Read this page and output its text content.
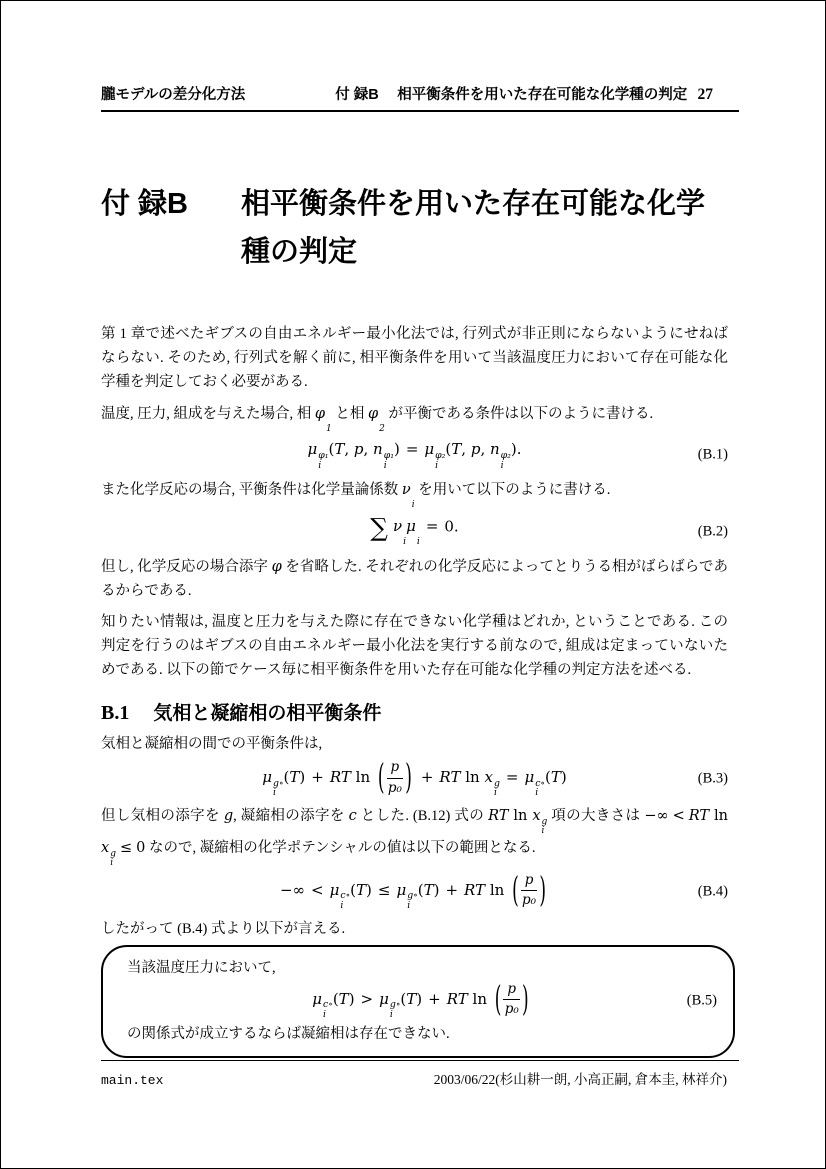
朧モデルの差分化方法	付 録B　 相平衡条件を用いた存在可能な化学種の判定 27
付 録B	相平衡条件を用いた存在可能な化学種の判定

第 1 章で述べたギブスの自由エネルギー最小化法では, 行列式が非正則にならないようにせねばならない. そのため, 行列式を解く前に, 相平衡条件を用いて当該温度圧力において存在可能な化学種を判定しておく必要がある.

温度, 圧力, 組成を与えた場合, 相 φ

1
と相 φ

2
が平衡である条件は以下のように書ける.

μ φ₁
i
(T, p, n φ₁
i
) = μ φ₂
i
(T, p, n φ₂
i
).	(B.1)

また化学反応の場合, 平衡条件は化学量論係数 ν

i
を用いて以下のように書ける.

∑ ν

i
μ

i
= 0.	(B.2)

但し, 化学反応の場合添字 φ を省略した. それぞれの化学反応によってとりうる相がばらばらであるからである.

知りたい情報は, 温度と圧力を与えた際に存在できない化学種はどれか, ということである. この判定を行うのはギブスの自由エネルギー最小化法を実行する前なので, 組成は定まっていないためである. 以下の節でケース毎に相平衡条件を用いた存在可能な化学種の判定方法を述べる.

B.1 気相と凝縮相の相平衡条件

気相と凝縮相の間での平衡条件は,

μ g∘
i
(T) + RT ln ( $\frac{p}{\text{p₀}}$ ) + RT ln x g
i
= μ c∘
i
(T)	(B.3)

但し気相の添字を g, 凝縮相の添字を c とした. (B.12) 式の RT ln x g
i
項の大きさは −∞ < RT ln x g
i
≤ 0 なので, 凝縮相の化学ポテンシャルの値は以下の範囲となる.

−∞ < μ c∘
i
(T) ≤ μ g∘
i
(T) + RT ln ( $\frac{p}{\text{p₀}}$ )	(B.4)

したがって (B.4) 式より以下が言える.

当該温度圧力において,

μ c∘
i
(T) > μ g∘
i
(T) + RT ln ( $\frac{p}{\text{p₀}}$ )	(B.5)

の関係式が成立するならば凝縮相は存在できない.

main.tex	2003/06/22(杉山耕一朗, 小高正嗣, 倉本圭, 林祥介)
